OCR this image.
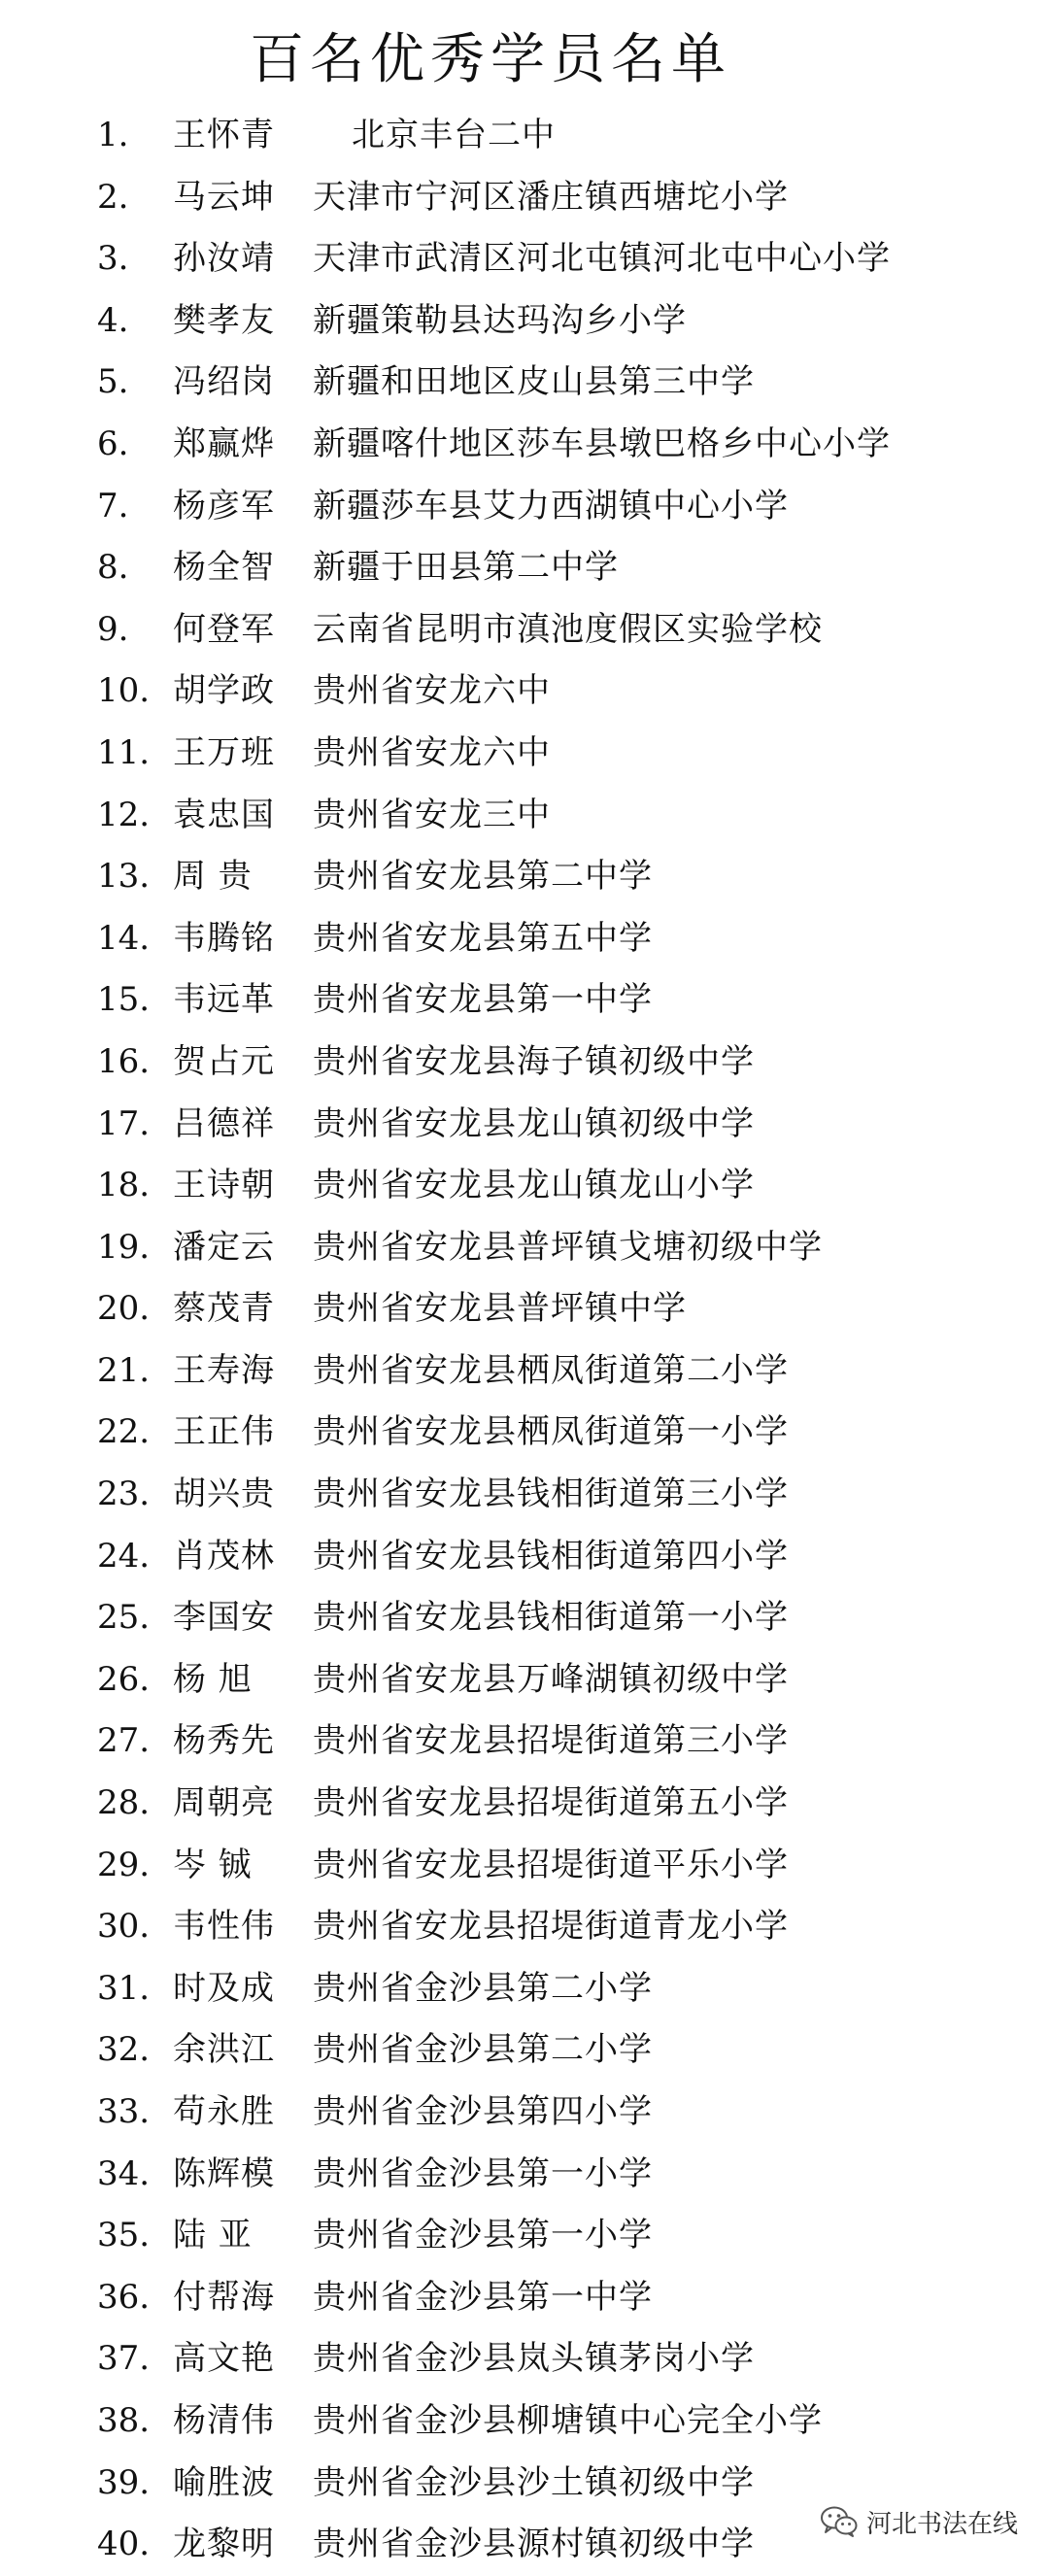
百名优秀学员名单
1. 王怀青 北京丰台二中
2. 马云坤 天津市宁河区潘庄镇西塘坨小学
3. 孙汝靖 天津市武清区河北屯镇河北屯中心小学
4. 樊孝友 新疆策勒县达玛沟乡小学
5. 冯绍岗 新疆和田地区皮山县第三中学
6. 郑赢烨 新疆喀什地区莎车县墩巴格乡中心小学
7. 杨彦军 新疆莎车县艾力西湖镇中心小学
8. 杨全智 新疆于田县第二中学
9. 何登军 云南省昆明市滇池度假区实验学校
10. 胡学政 贵州省安龙六中
11. 王万班 贵州省安龙六中
12. 袁忠国 贵州省安龙三中
13. 周 贵 贵州省安龙县第二中学
14. 韦腾铭 贵州省安龙县第五中学
15. 韦远革 贵州省安龙县第一中学
16. 贺占元 贵州省安龙县海子镇初级中学
17. 吕德祥 贵州省安龙县龙山镇初级中学
18. 王诗朝 贵州省安龙县龙山镇龙山小学
19. 潘定云 贵州省安龙县普坪镇戈塘初级中学
20. 蔡茂青 贵州省安龙县普坪镇中学
21. 王寿海 贵州省安龙县栖凤街道第二小学
22. 王正伟 贵州省安龙县栖凤街道第一小学
23. 胡兴贵 贵州省安龙县钱相街道第三小学
24. 肖茂林 贵州省安龙县钱相街道第四小学
25. 李国安 贵州省安龙县钱相街道第一小学
26. 杨 旭 贵州省安龙县万峰湖镇初级中学
27. 杨秀先 贵州省安龙县招堤街道第三小学
28. 周朝亮 贵州省安龙县招堤街道第五小学
29. 岑 铖 贵州省安龙县招堤街道平乐小学
30. 韦性伟 贵州省安龙县招堤街道青龙小学
31. 时及成 贵州省金沙县第二小学
32. 余洪江 贵州省金沙县第二小学
33. 苟永胜 贵州省金沙县第四小学
34. 陈辉模 贵州省金沙县第一小学
35. 陆 亚 贵州省金沙县第一小学
36. 付帮海 贵州省金沙县第一中学
37. 高文艳 贵州省金沙县岚头镇茅岗小学
38. 杨清伟 贵州省金沙县柳塘镇中心完全小学
39. 喻胜波 贵州省金沙县沙土镇初级中学
40. 龙黎明 贵州省金沙县源村镇初级中学
河北书法在线
